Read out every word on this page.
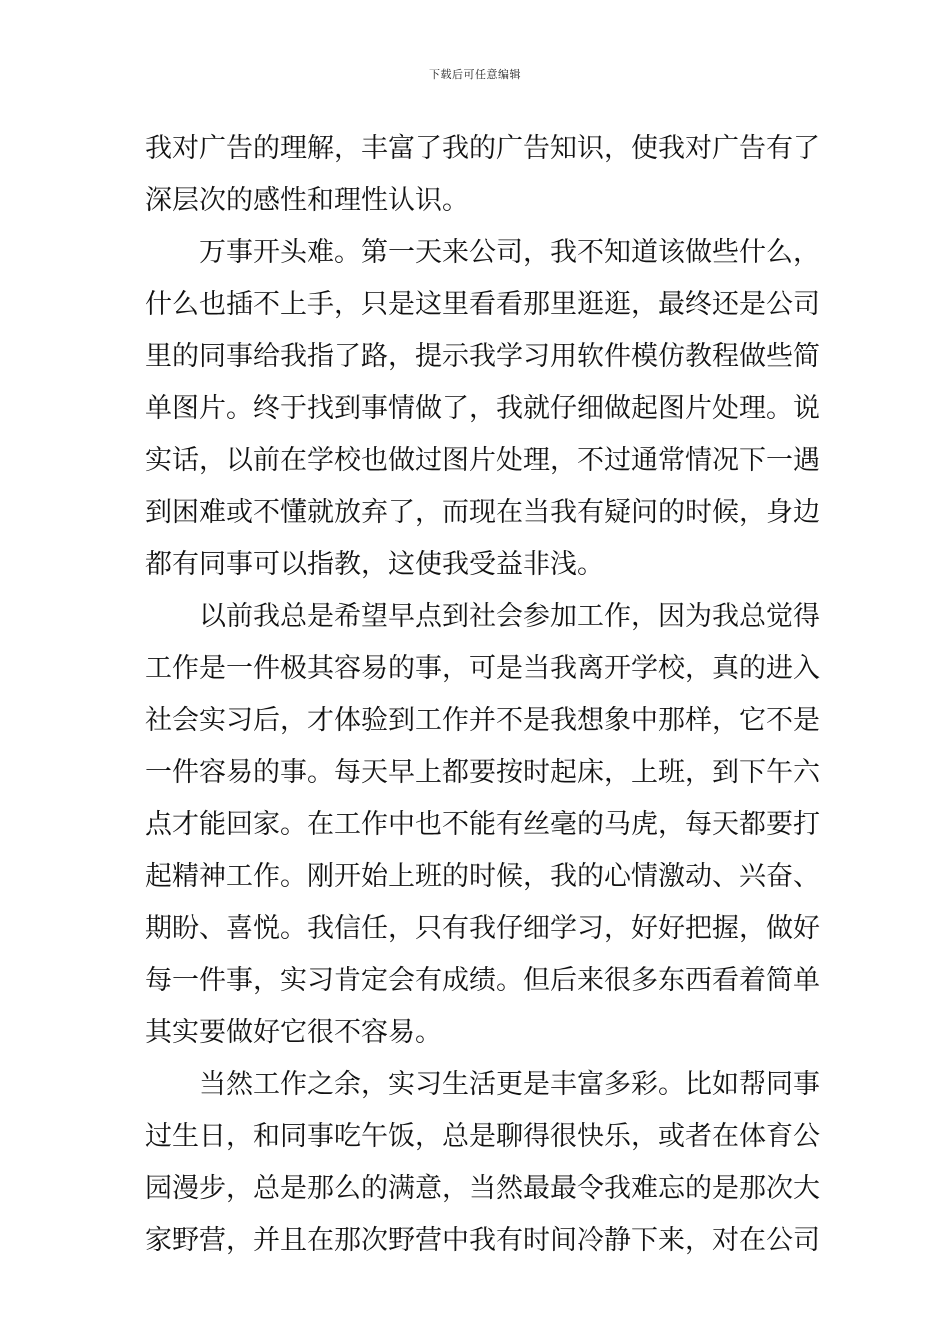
下载后可任意编辑
我对广告的理解，丰富了我的广告知识，使我对广告有了
深层次的感性和理性认识。
万事开头难。第一天来公司，我不知道该做些什么，
什么也插不上手，只是这里看看那里逛逛，最终还是公司
里的同事给我指了路，提示我学习用软件模仿教程做些简
单图片。终于找到事情做了，我就仔细做起图片处理。说
实话，以前在学校也做过图片处理，不过通常情况下一遇
到困难或不懂就放弃了，而现在当我有疑问的时候，身边
都有同事可以指教，这使我受益非浅。
以前我总是希望早点到社会参加工作，因为我总觉得
工作是一件极其容易的事，可是当我离开学校，真的进入
社会实习后，才体验到工作并不是我想象中那样，它不是
一件容易的事。每天早上都要按时起床，上班，到下午六
点才能回家。在工作中也不能有丝毫的马虎，每天都要打
起精神工作。刚开始上班的时候，我的心情激动、兴奋、
期盼、喜悦。我信任，只有我仔细学习，好好把握，做好
每一件事，实习肯定会有成绩。但后来很多东西看着简单
其实要做好它很不容易。
当然工作之余，实习生活更是丰富多彩。比如帮同事
过生日，和同事吃午饭，总是聊得很快乐，或者在体育公
园漫步，总是那么的满意，当然最最令我难忘的是那次大
家野营，并且在那次野营中我有时间冷静下来，对在公司
